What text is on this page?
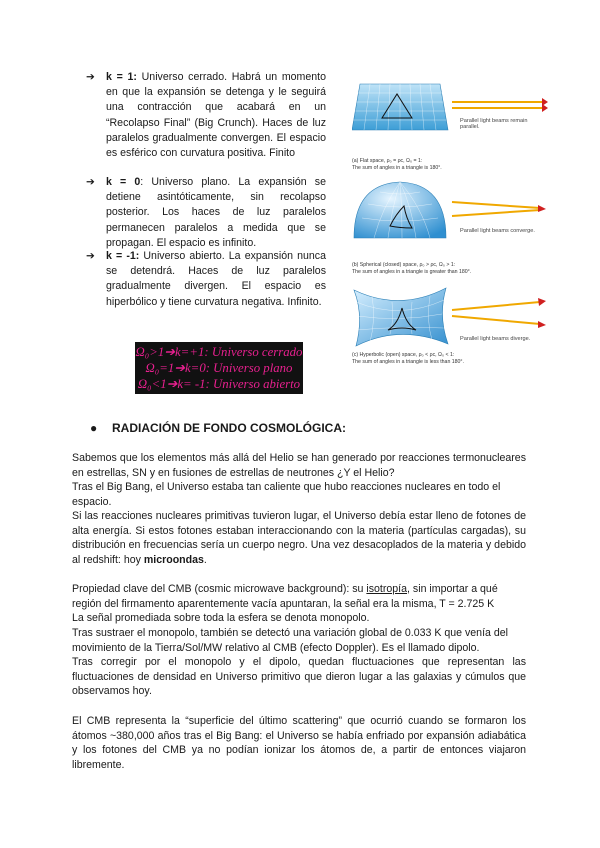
➔	k = 1: Universo cerrado. Habrá un momento en que la expansión se detenga y le seguirá una contracción que acabará en un “Recolapso Final” (Big Crunch). Haces de luz paralelos gradualmente convergen. El espacio es esférico con curvatura positiva. Finito
➔	k = 0: Universo plano. La expansión se detiene asintóticamente, sin recolapso posterior. Los haces de luz paralelos permanecen paralelos a medida que se propagan. El espacio es infinito.
➔	k = -1: Universo abierto. La expansión nunca se detendrá. Haces de luz paralelos gradualmente divergen. El espacio es hiperbólico y tiene curvatura negativa. Infinito.
Parallel light beams remain parallel.
(a) Flat space, ρ₀ = ρc, Ω₀ = 1:
The sum of angles in a triangle is 180°.
Parallel light beams converge.
(b) Spherical (closed) space, ρ₀ > ρc, Ω₀ > 1:
The sum of angles in a triangle is greater than 180°.
Parallel light beams diverge.
(c) Hyperbolic (open) space, ρ₀ < ρc, Ω₀ < 1:
The sum of angles in a triangle is less than 180°.
Ω₀>1➔k=+1: Universo cerrado
Ω₀=1➔k=0: Universo plano
Ω₀<1➔k= -1: Universo abierto
● RADIACIÓN DE FONDO COSMOLÓGICA:
Sabemos que los elementos más allá del Helio se han generado por reacciones termonucleares en estrellas, SN y en fusiones de estrellas de neutrones ¿Y el Helio?
Tras el Big Bang, el Universo estaba tan caliente que hubo reacciones nucleares en todo el espacio.
Si las reacciones nucleares primitivas tuvieron lugar, el Universo debía estar lleno de fotones de alta energía. Si estos fotones estaban interaccionando con la materia (partículas cargadas), su distribución en frecuencias sería un cuerpo negro. Una vez desacoplados de la materia y debido al redshift: hoy microondas.
Propiedad clave del CMB (cosmic microwave background): su isotropía, sin importar a qué región del firmamento aparentemente vacía apuntaran, la señal era la misma, T = 2.725 K
La señal promediada sobre toda la esfera se denota monopolo.
Tras sustraer el monopolo, también se detectó una variación global de 0.033 K que venía del movimiento de la Tierra/Sol/MW relativo al CMB (efecto Doppler). Es el llamado dipolo.
Tras corregir por el monopolo y el dipolo, quedan fluctuaciones que representan las fluctuaciones de densidad en Universo primitivo que dieron lugar a las galaxias y cúmulos que observamos hoy.
El CMB representa la “superficie del último scattering” que ocurrió cuando se formaron los átomos ~380,000 años tras el Big Bang: el Universo se había enfriado por expansión adiabática y los fotones del CMB ya no podían ionizar los átomos de, a partir de entonces viajaron libremente.
